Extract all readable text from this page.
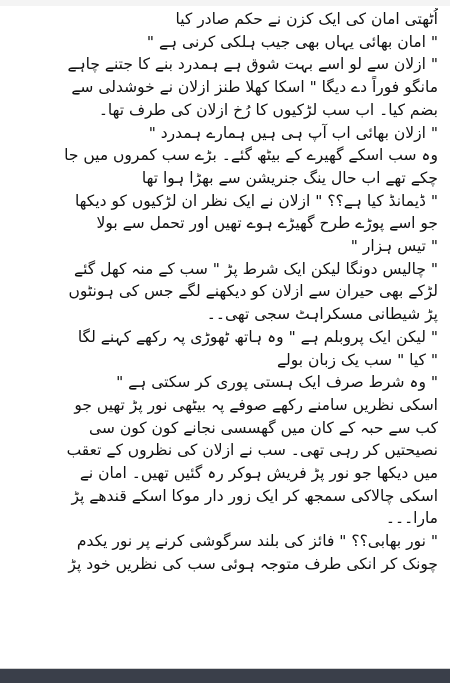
اُٹھتی امان کی ایک کزن نے حکم صادر کیا
" امان بھائی یہاں بھی جیب ہلکی کرنی ہے "
" ازلان سے لو اسے بہت شوق ہے ہمدرد بنے کا جتنے چاہے
مانگو فوراً دے دیگا " اسکا کھلا طنز ازلان نے خوشدلی سے
بضم کیا۔ اب سب لڑکیوں کا رُخ ازلان کی طرف تھا۔
" ازلان بھائی اب آپ ہی ہیں ہمارے ہمدرد "
وہ سب اسکے گھیرے کے بیٹھ گئے۔ بڑے سب کمروں میں جا
چکے تھے اب حال ینگ جنریشن سے بھڑا ہوا تھا
" ڈیمانڈ کیا ہے؟؟ " ازلان نے ایک نظر ان لڑکیوں کو دیکھا
جو اسے پوڑے طرح گھیڑے ہوے تھیں اور تحمل سے بولا
" تیس ہزار "
" چالیس دونگا لیکن ایک شرط پڑ " سب کے منہ کھل گئے
لڑکے بھی حیران سے ازلان کو دیکھنے لگے جس کی ہونٹوں
پڑ شیطانی مسکراہٹ سجی تھی۔۔
" لیکن ایک پروبلم ہے " وہ ہاتھ ٹھوڑی پہ رکھے کہنے لگا
" کیا " سب یک زبان بولے
" وہ شرط صرف ایک ہستی پوری کر سکتی ہے "
اسکی نظریں سامنے رکھے صوفے پہ بیٹھی نور پڑ تھیں جو
کب سے حبہ کے کان میں گھسسی نجانے کون کون سی
نصیحتیں کر رہی تھی۔ سب نے ازلان کی نظروں کے تعقب
میں دیکھا جو نور پڑ فریش ہوکر رہ گئیں تھیں۔ امان نے
اسکی چالاکی سمجھ کر ایک زور دار موکا اسکے قندھے پڑ
مارا۔۔۔
" نور بھابی؟؟ " فائز کی بلند سرگوشی کرنے پر نور یکدم
چونک کر انکی طرف متوجہ ہوئی سب کی نظریں خود پڑ
